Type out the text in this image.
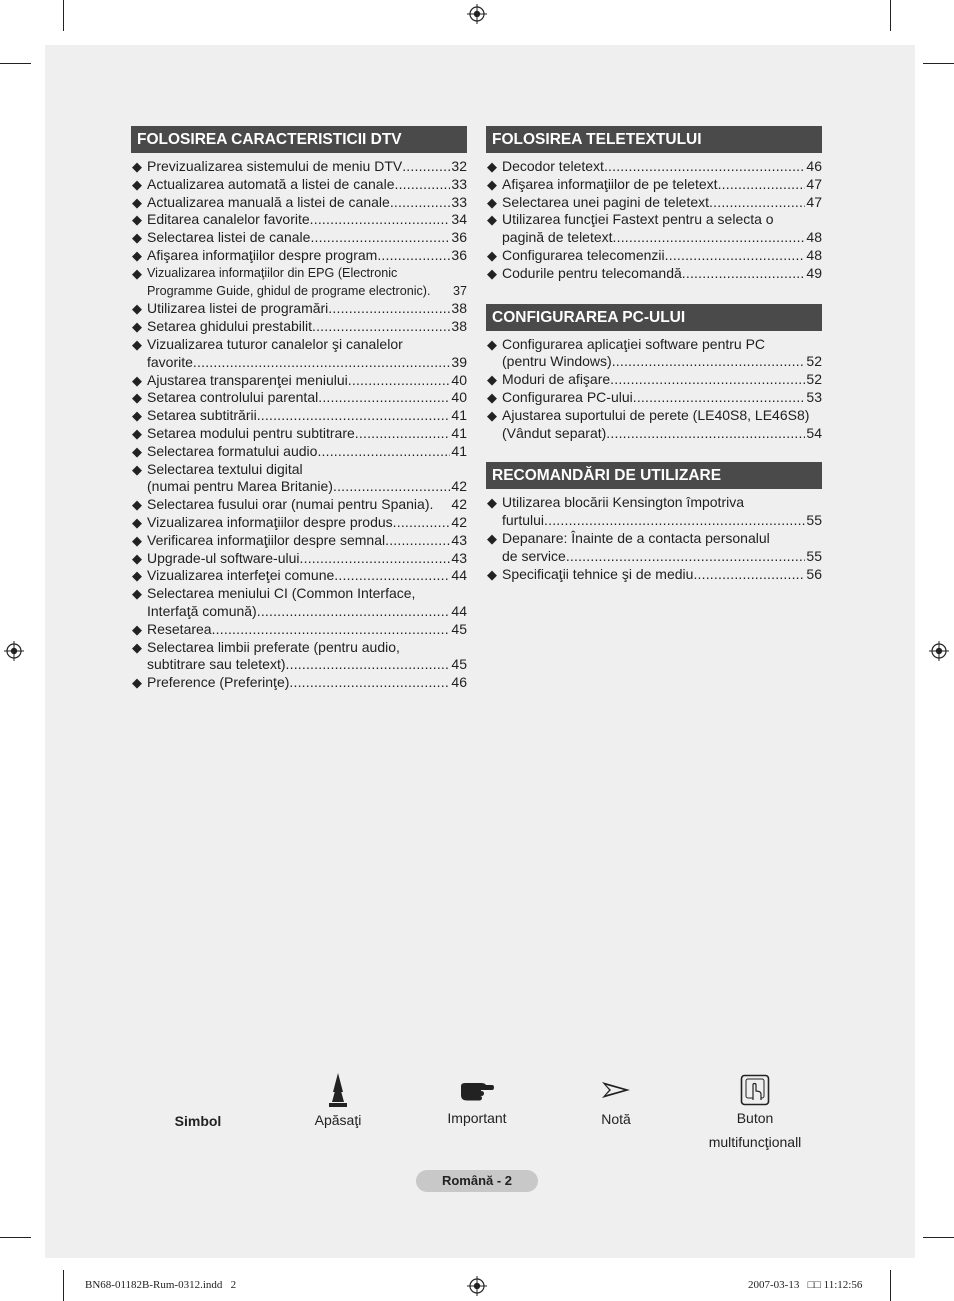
FOLOSIREA CARACTERISTICII DTV
◆ Previzualizarea sistemului de meniu DTV .....	32
◆ Actualizarea automată a listei de canale .....	33
◆ Actualizarea manuală a listei de canale .....	33
◆ Editarea canalelor favorite .....	34
◆ Selectarea listei de canale .....	36
◆ Afişarea informaţiilor despre program .....	36
◆ Vizualizarea informaţiilor din EPG (Electronic
Programme Guide, ghidul de programe electronic). 37
◆ Utilizarea listei de programări .....	38
◆ Setarea ghidului prestabilit .....	38
◆ Vizualizarea tuturor canalelor şi canalelor
favorite .....	39
◆ Ajustarea transparenţei meniului .....	40
◆ Setarea controlului parental .....	40
◆ Setarea subtitrării .....	41
◆ Setarea modului pentru subtitrare .....	41
◆ Selectarea formatului audio .....	41
◆ Selectarea textului digital
(numai pentru Marea Britanie) .....	42
◆ Selectarea fusului orar (numai pentru Spania). 42
◆ Vizualizarea informaţiilor despre produs .....	42
◆ Verificarea informaţiilor despre semnal .....	43
◆ Upgrade-ul software-ului .....	43
◆ Vizualizarea interfeţei comune .....	44
◆ Selectarea meniului CI (Common Interface,
Interfaţă comună) .....	44
◆ Resetarea .....	45
◆ Selectarea limbii preferate (pentru audio,
subtitrare sau teletext) .....	45
◆ Preference (Preferinţe) .....	46
FOLOSIREA TELETEXTULUI
◆ Decodor teletext .....	46
◆ Afişarea informaţiilor de pe teletext .....	47
◆ Selectarea unei pagini de teletext .....	47
◆ Utilizarea funcţiei Fastext pentru a selecta o
pagină de teletext .....	48
◆ Configurarea telecomenzii .....	48
◆ Codurile pentru telecomandă .....	49
CONFIGURAREA PC-ULUI
◆ Configurarea aplicaţiei software pentru PC
(pentru Windows) .....	52
◆ Moduri de afişare .....	52
◆ Configurarea PC-ului .....	53
◆ Ajustarea suportului de perete (LE40S8, LE46S8)
(Vândut separat) .....	54
RECOMANDĂRI DE UTILIZARE
◆ Utilizarea blocării Kensington împotriva
furtului .....	55
◆ Depanare: Înainte de a contacta personalul
de service .....	55
◆ Specificaţii tehnice şi de mediu .....	56
Simbol	Apăsaţi	Important	Notă	Buton
multifuncţionall
Română - 2
BN68-01182B-Rum-0312.indd   2	2007-03-13   □□ 11:12:56
